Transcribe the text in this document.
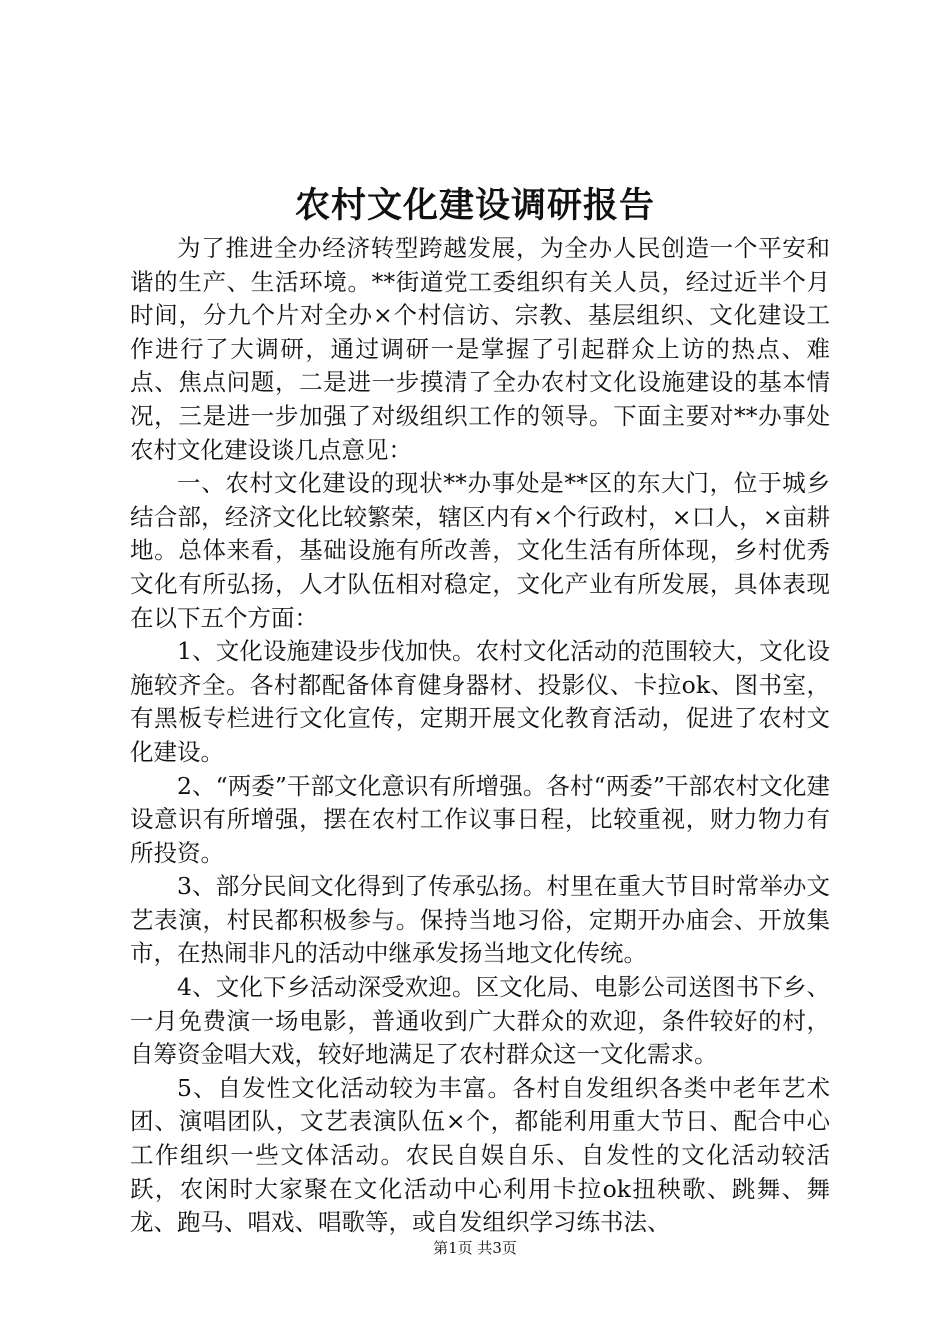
农村文化建设调研报告

为了推进全办经济转型跨越发展，为全办人民创造一个平安和谐的生产、生活环境。**街道党工委组织有关人员，经过近半个月时间，分九个片对全办×个村信访、宗教、基层组织、文化建设工作进行了大调研，通过调研一是掌握了引起群众上访的热点、难点、焦点问题，二是进一步摸清了全办农村文化设施建设的基本情况，三是进一步加强了对级组织工作的领导。下面主要对**办事处农村文化建设谈几点意见：

一、农村文化建设的现状**办事处是**区的东大门，位于城乡结合部，经济文化比较繁荣，辖区内有×个行政村，×口人，×亩耕地。总体来看，基础设施有所改善，文化生活有所体现，乡村优秀文化有所弘扬，人才队伍相对稳定，文化产业有所发展，具体表现在以下五个方面：

1、文化设施建设步伐加快。农村文化活动的范围较大，文化设施较齐全。各村都配备体育健身器材、投影仪、卡拉ok、图书室，有黑板专栏进行文化宣传，定期开展文化教育活动，促进了农村文化建设。

2、“两委”干部文化意识有所增强。各村“两委”干部农村文化建设意识有所增强，摆在农村工作议事日程，比较重视，财力物力有所投资。

3、部分民间文化得到了传承弘扬。村里在重大节目时常举办文艺表演，村民都积极参与。保持当地习俗，定期开办庙会、开放集市，在热闹非凡的活动中继承发扬当地文化传统。

4、文化下乡活动深受欢迎。区文化局、电影公司送图书下乡、一月免费演一场电影，普通收到广大群众的欢迎，条件较好的村，自筹资金唱大戏，较好地满足了农村群众这一文化需求。

5、自发性文化活动较为丰富。各村自发组织各类中老年艺术团、演唱团队，文艺表演队伍×个，都能利用重大节日、配合中心工作组织一些文体活动。农民自娱自乐、自发性的文化活动较活跃，农闲时大家聚在文化活动中心利用卡拉ok扭秧歌、跳舞、舞龙、跑马、唱戏、唱歌等，或自发组织学习练书法、

第1页 共3页
